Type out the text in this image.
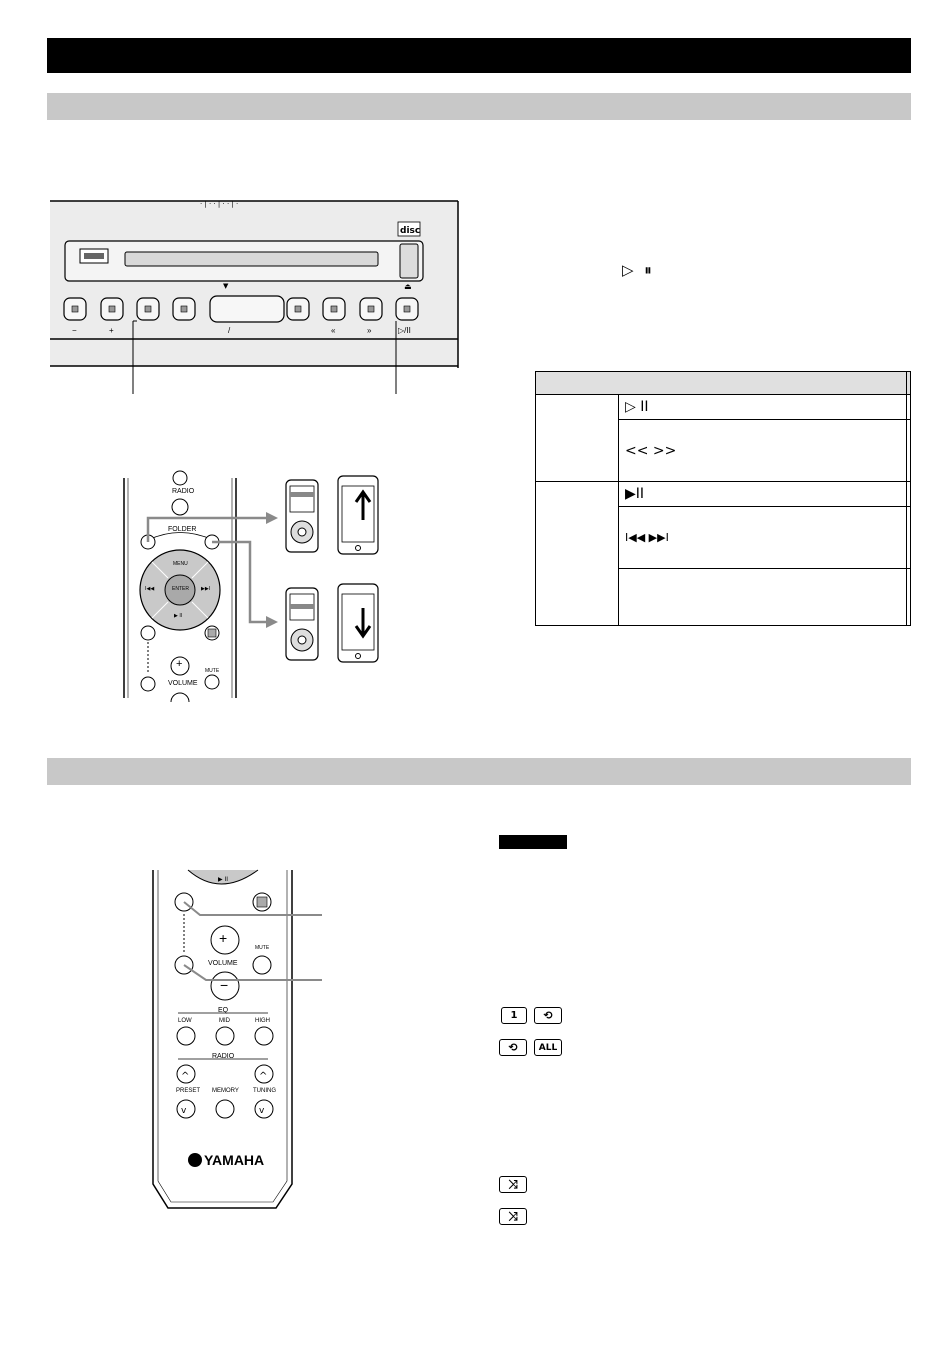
· | · · | · · | ·
disc
▼	⏏
−	+	/	«	»	▷/II
▷ ⏸

	▷ II	
	<< >>	
	▶II	
	I◀◀ ▶▶I	

RADIO
FOLDER
MENU
ENTER
I◀◀	▶▶I
▶ II
+
VOLUME
MUTE
^	^
v	v
▶ II
+
VOLUME
MUTE
−
EQ
LOW	MID	HIGH
RADIO
PRESET MEMORY TUNING
YAMAHA
1	⟲
⟲	ALL
⤨
⤨
